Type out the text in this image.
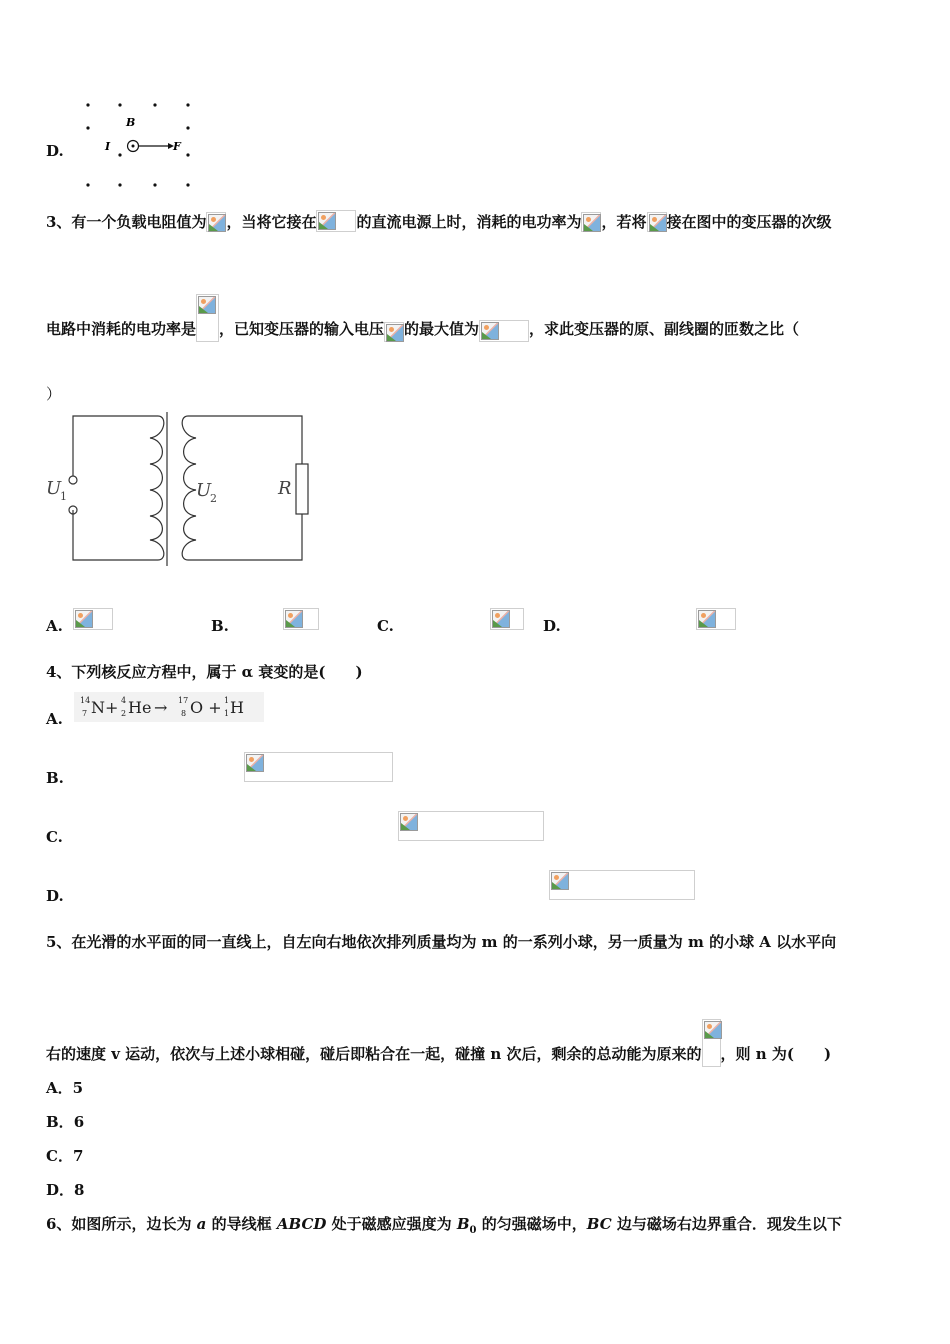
D.
B
I	F
3、有一个负载电阻值为 ，当将它接在	的直流电源上时，消耗的电功率为 ，若将 接在图中的变压器的次级
电路中消耗的电功率是 ，已知变压器的输入电压 的最大值为	，求此变压器的原、副线圈的匝数之比（
）
U
1	U
2	R
A.
	B.
	C.
	D.

4、下列核反应方程中，属于 α 衰变的是(　　)
A.
14
7 N+ 4
2 He → 17
8 O + 1
1 H
B.

C.

D.
5、在光滑的水平面的同一直线上，自左向右地依次排列质量均为 m 的一系列小球，另一质量为 m 的小球 A 以水平向
右的速度 v 运动，依次与上述小球相碰，碰后即粘合在一起，碰撞 n 次后，剩余的总动能为原来的 ，则 n 为(　　)
A．5
B．6
C．7
D．8
6、如图所示，边长为 a 的导线框 ABCD 处于磁感应强度为 $B_0$ 的匀强磁场中，BC 边与磁场右边界重合．现发生以下
